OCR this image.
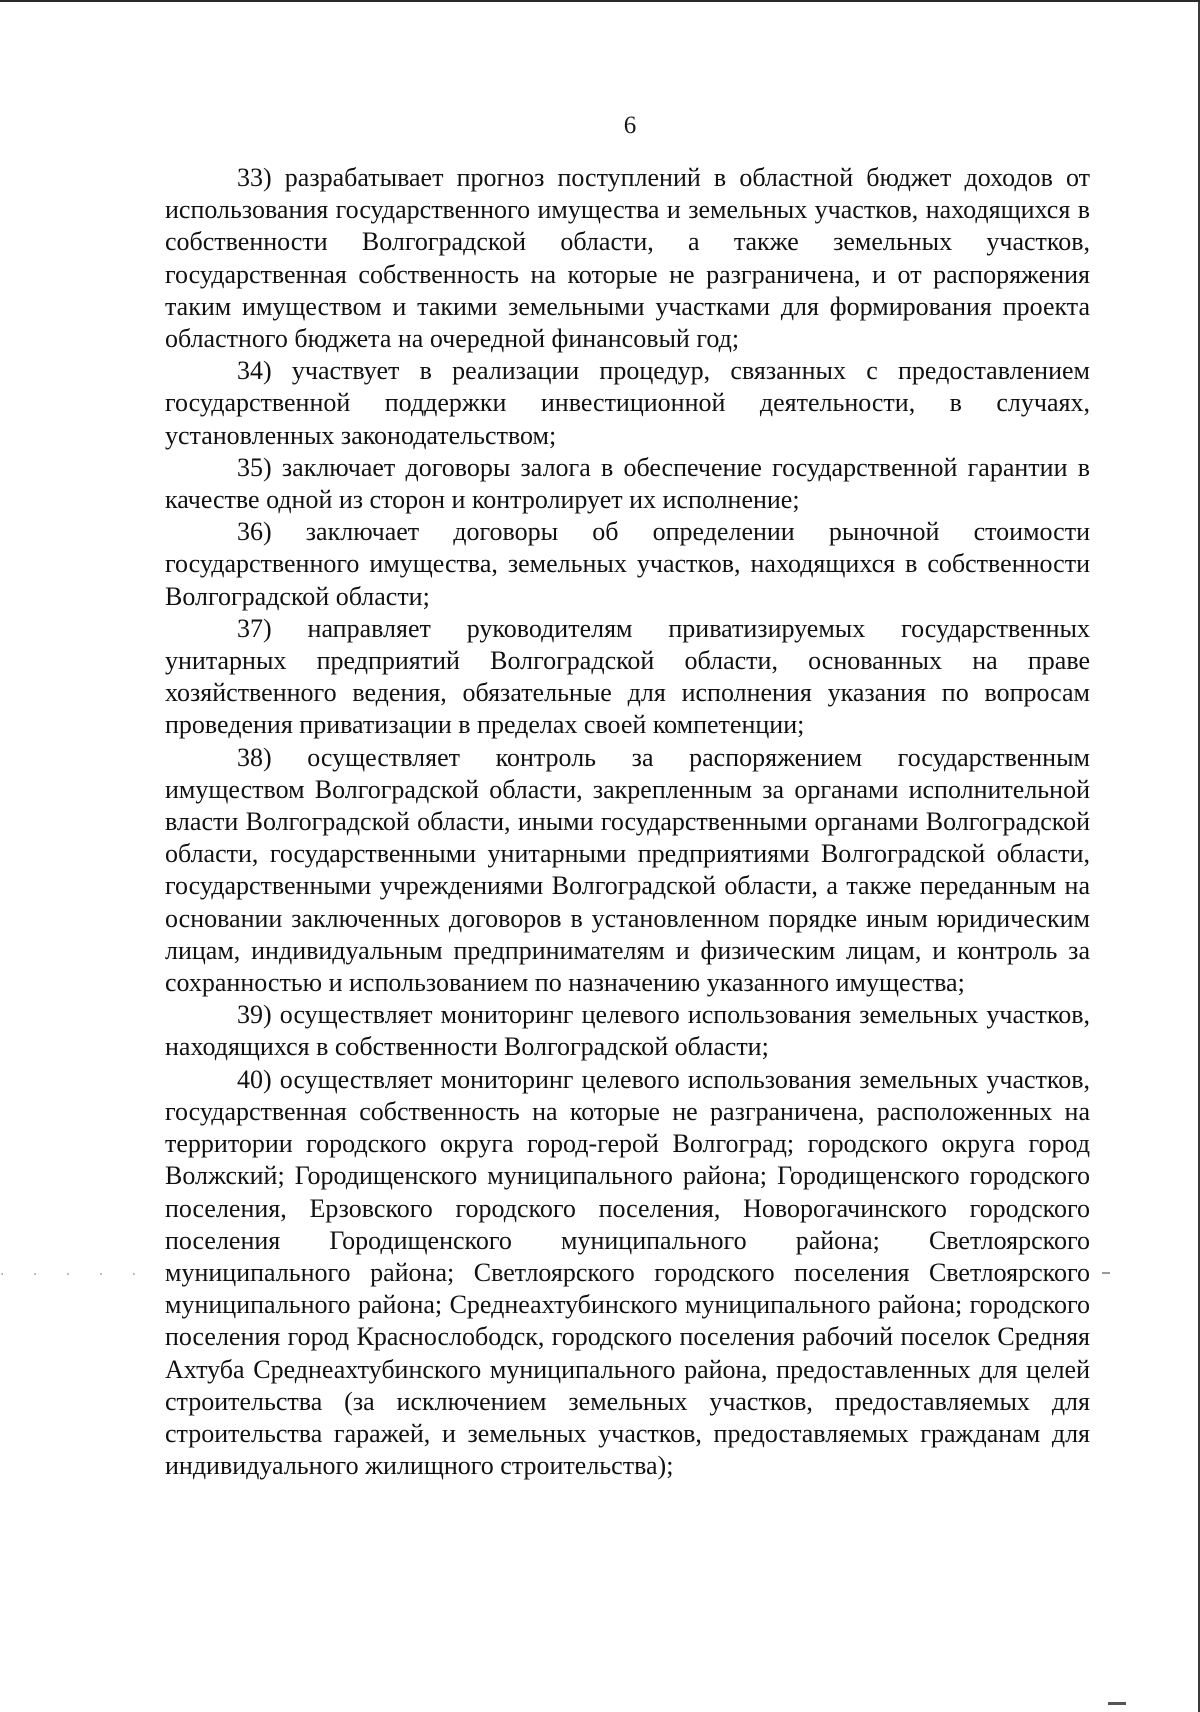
6

33) разрабатывает прогноз поступлений в областной бюджет доходов от использования государственного имущества и земельных участков, находящихся в собственности Волгоградской области, а также земельных участков, государственная собственность на которые не разграничена, и от распоряжения таким имуществом и такими земельными участками для формирования проекта областного бюджета на очередной финансовый год;

34) участвует в реализации процедур, связанных с предоставлением государственной поддержки инвестиционной деятельности, в случаях, установленных законодательством;

35) заключает договоры залога в обеспечение государственной гарантии в качестве одной из сторон и контролирует их исполнение;

36) заключает договоры об определении рыночной стоимости государственного имущества, земельных участков, находящихся в собственности Волгоградской области;

37) направляет руководителям приватизируемых государственных унитарных предприятий Волгоградской области, основанных на праве хозяйственного ведения, обязательные для исполнения указания по вопросам проведения приватизации в пределах своей компетенции;

38) осуществляет контроль за распоряжением государственным имуществом Волгоградской области, закрепленным за органами исполнительной власти Волгоградской области, иными государственными органами Волгоградской области, государственными унитарными предприятиями Волгоградской области, государственными учреждениями Волгоградской области, а также переданным на основании заключенных договоров в установленном порядке иным юридическим лицам, индивидуальным предпринимателям и физическим лицам, и контроль за сохранностью и использованием по назначению указанного имущества;

39) осуществляет мониторинг целевого использования земельных участков, находящихся в собственности Волгоградской области;

40) осуществляет мониторинг целевого использования земельных участков, государственная собственность на которые не разграничена, расположенных на территории городского округа город-герой Волгоград; городского округа город Волжский; Городищенского муниципального района; Городищенского городского поселения, Ерзовского городского поселения, Новорогачинского городского поселения Городищенского муниципального района; Светлоярского муниципального района; Светлоярского городского поселения Светлоярского муниципального района; Среднеахтубинского муниципального района; городского поселения город Краснослободск, городского поселения рабочий поселок Средняя Ахтуба Среднеахтубинского муниципального района, предоставленных для целей строительства (за исключением земельных участков, предоставляемых для строительства гаражей, и земельных участков, предоставляемых гражданам для индивидуального жилищного строительства);

· · · · ·
